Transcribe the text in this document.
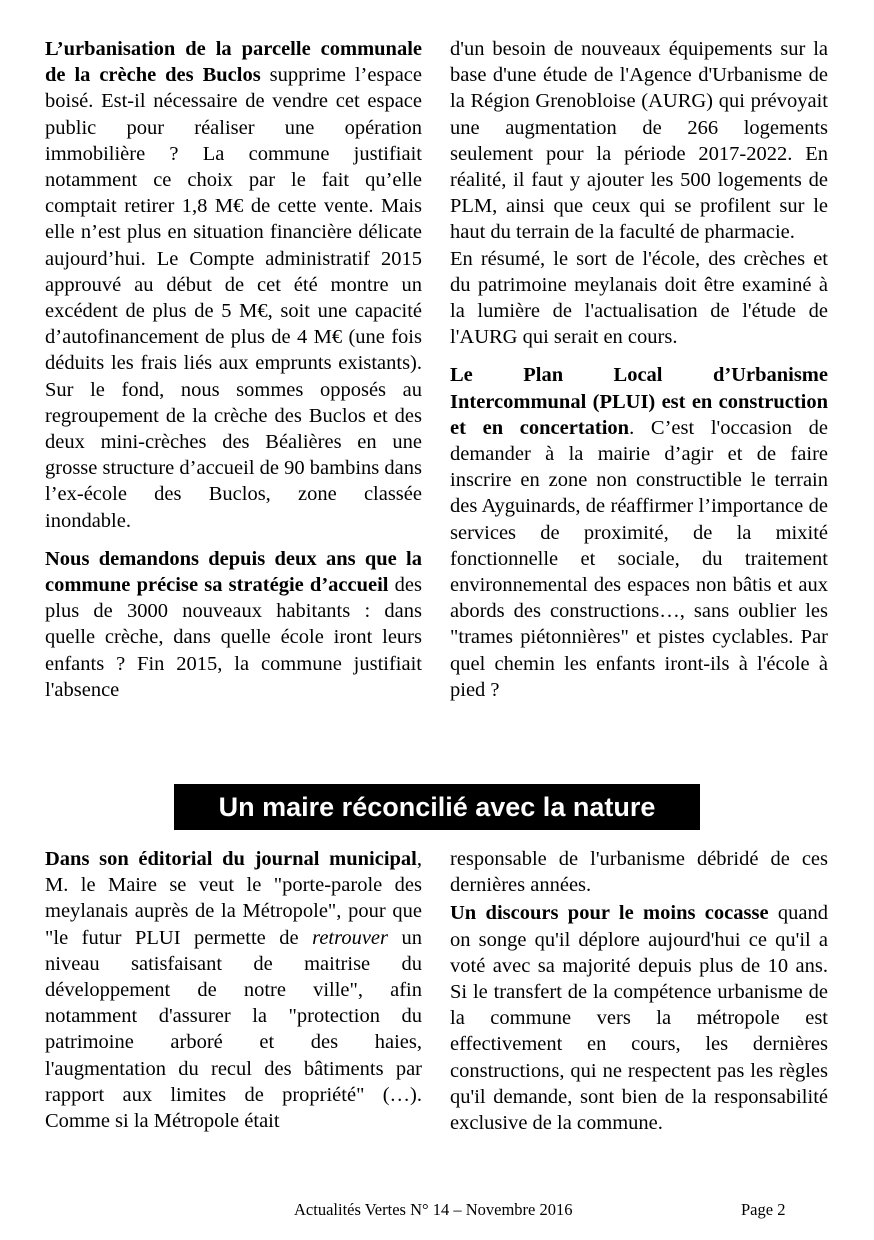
L’urbanisation de la parcelle communale de la crèche des Buclos supprime l’espace boisé. Est-il nécessaire de vendre cet espace public pour réaliser une opération immobilière ? La commune justifiait notamment ce choix par le fait qu’elle comptait retirer 1,8 M€ de cette vente. Mais elle n’est plus en situation financière délicate aujourd’hui. Le Compte administratif 2015 approuvé au début de cet été montre un excédent de plus de 5 M€, soit une capacité d’autofinancement de plus de 4 M€ (une fois déduits les frais liés aux emprunts existants). Sur le fond, nous sommes opposés au regroupement de la crèche des Buclos et des deux mini-crèches des Béalières en une grosse structure d’accueil de 90 bambins dans l’ex-école des Buclos, zone classée inondable.

Nous demandons depuis deux ans que la commune précise sa stratégie d’accueil des plus de 3000 nouveaux habitants : dans quelle crèche, dans quelle école iront leurs enfants ? Fin 2015, la commune justifiait l'absence

d'un besoin de nouveaux équipements sur la base d'une étude de l'Agence d'Urbanisme de la Région Grenobloise (AURG) qui prévoyait une augmentation de 266 logements seulement pour la période 2017-2022. En réalité, il faut y ajouter les 500 logements de PLM, ainsi que ceux qui se profilent sur le haut du terrain de la faculté de pharmacie.

En résumé, le sort de l'école, des crèches et du patrimoine meylanais doit être examiné à la lumière de l'actualisation de l'étude de l'AURG qui serait en cours.

Le Plan Local d’Urbanisme Intercommunal (PLUI) est en construction et en concertation. C’est l'occasion de demander à la mairie d’agir et de faire inscrire en zone non constructible le terrain des Ayguinards, de réaffirmer l’importance de services de proximité, de la mixité fonctionnelle et sociale, du traitement environnemental des espaces non bâtis et aux abords des constructions…, sans oublier les "trames piétonnières" et pistes cyclables. Par quel chemin les enfants iront-ils à l'école à pied ?

Un maire réconcilié avec la nature

Dans son éditorial du journal municipal, M. le Maire se veut le "porte-parole des meylanais auprès de la Métropole", pour que "le futur PLUI permette de retrouver un niveau satisfaisant de maitrise du développement de notre ville", afin notamment d'assurer la "protection du patrimoine arboré et des haies, l'augmentation du recul des bâtiments par rapport aux limites de propriété" (…). Comme si la Métropole était

responsable de l'urbanisme débridé de ces dernières années.

Un discours pour le moins cocasse quand on songe qu'il déplore aujourd'hui ce qu'il a voté avec sa majorité depuis plus de 10 ans. Si le transfert de la compétence urbanisme de la commune vers la métropole est effectivement en cours, les dernières constructions, qui ne respectent pas les règles qu'il demande, sont bien de la responsabilité exclusive de la commune.

Actualités Vertes N° 14 – Novembre 2016	Page 2
